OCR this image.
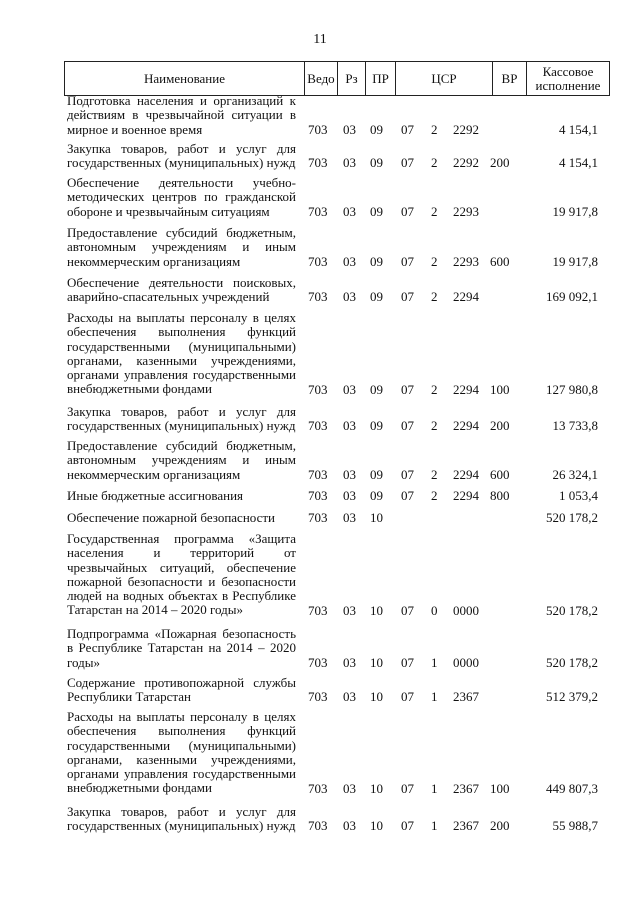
11
Наименование	Ведо Рз	ПР	ЦСР	ВР	Кассовое исполнение
Подготовка населения и организаций к действиям в чрезвычайной ситуации в мирное и военное время	703 03 09 07 2 2292	4 154,1
Закупка товаров, работ и услуг для государственных (муниципальных) нужд 703 03 09 07 2 2292 200	4 154,1
Обеспечение деятельности учебно-методических центров по гражданской обороне и чрезвычайным ситуациям	703 03 09 07 2 2293	19 917,8
Предоставление субсидий бюджетным, автономным учреждениям и иным некоммерческим организациям	703 03 09 07 2 2293 600	19 917,8
Обеспечение деятельности поисковых, аварийно-спасательных учреждений	703 03 09 07 2 2294	169 092,1
Расходы на выплаты персоналу в целях обеспечения выполнения функций государственными (муниципальными) органами, казенными учреждениями, органами управления государственными внебюджетными фондами	703 03 09 07 2 2294 100	127 980,8
Закупка товаров, работ и услуг для государственных (муниципальных) нужд 703 03 09 07 2 2294 200	13 733,8
Предоставление субсидий бюджетным, автономным учреждениям и иным некоммерческим организациям	703 03 09 07 2 2294 600	26 324,1
Иные бюджетные ассигнования	703 03 09 07 2 2294 800	1 053,4
Обеспечение пожарной безопасности	703 03 10	520 178,2
Государственная программа «Защита населения и территорий от чрезвычайных ситуаций, обеспечение пожарной безопасности и безопасности людей на водных объектах в Республике Татарстан на 2014 – 2020 годы»	703 03 10 07 0 0000	520 178,2
Подпрограмма «Пожарная безопасность в Республике Татарстан на 2014 – 2020 годы»	703 03 10 07 1 0000	520 178,2
Содержание противопожарной службы Республики Татарстан	703 03 10 07 1 2367	512 379,2
Расходы на выплаты персоналу в целях обеспечения выполнения функций государственными (муниципальными) органами, казенными учреждениями, органами управления государственными внебюджетными фондами	703 03 10 07 1 2367 100	449 807,3
Закупка товаров, работ и услуг для государственных (муниципальных) нужд 703 03 10 07 1 2367 200	55 988,7
